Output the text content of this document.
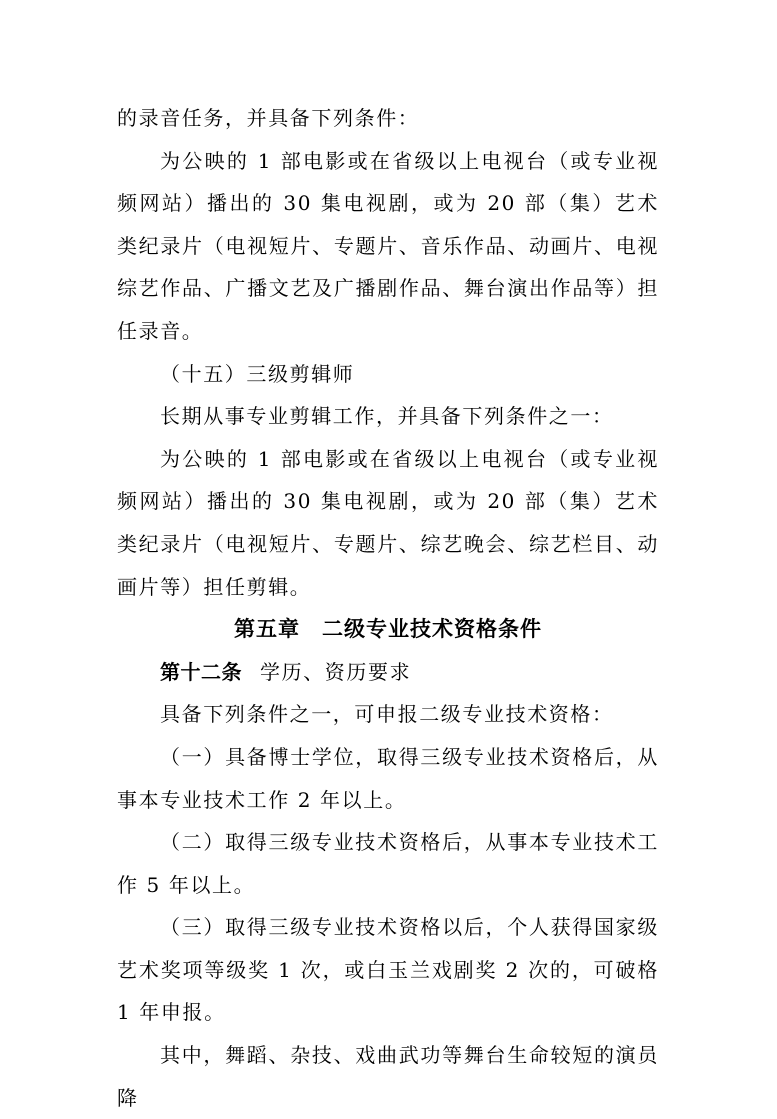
的录音任务，并具备下列条件：

为公映的 1 部电影或在省级以上电视台（或专业视频网站）播出的 30 集电视剧，或为 20 部（集）艺术类纪录片（电视短片、专题片、音乐作品、动画片、电视综艺作品、广播文艺及广播剧作品、舞台演出作品等）担任录音。

（十五）三级剪辑师

长期从事专业剪辑工作，并具备下列条件之一：

为公映的 1 部电影或在省级以上电视台（或专业视频网站）播出的 30 集电视剧，或为 20 部（集）艺术类纪录片（电视短片、专题片、综艺晚会、综艺栏目、动画片等）担任剪辑。

第五章 二级专业技术资格条件

第十二条 学历、资历要求

具备下列条件之一，可申报二级专业技术资格：

（一）具备博士学位，取得三级专业技术资格后，从事本专业技术工作 2 年以上。

（二）取得三级专业技术资格后，从事本专业技术工作 5 年以上。

（三）取得三级专业技术资格以后，个人获得国家级艺术奖项等级奖 1 次，或白玉兰戏剧奖 2 次的，可破格 1 年申报。

其中，舞蹈、杂技、戏曲武功等舞台生命较短的演员降
